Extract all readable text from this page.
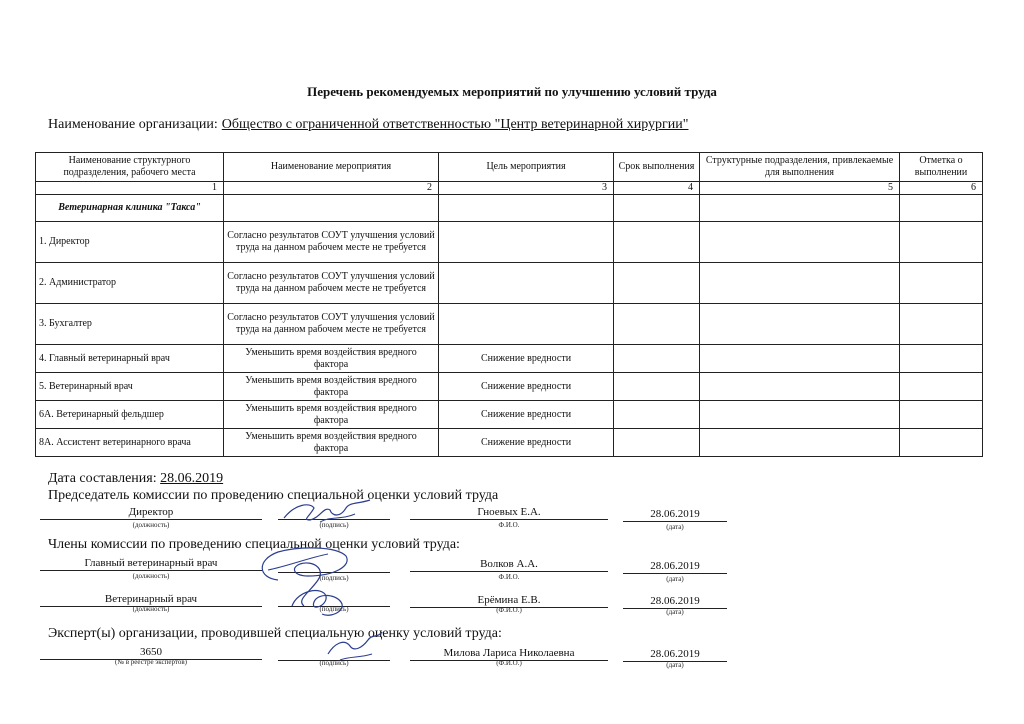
Перечень рекомендуемых мероприятий по улучшению условий труда
Наименование организации: Общество с ограниченной ответственностью "Центр ветеринарной хирургии"
Наименование структурного подразделения, рабочего места	Наименование мероприятия	Цель мероприятия	Срок выполнения	Структурные подразделения, привлекаемые для выполнения	Отметка о выполнении
1	2	3	4	5	6
Ветеринарная клиника "Такса"					
1. Директор	Согласно результатов СОУТ улучшения условий труда на данном рабочем месте не требуется				
2. Администратор	Согласно результатов СОУТ улучшения условий труда на данном рабочем месте не требуется				
3. Бухгалтер	Согласно результатов СОУТ улучшения условий труда на данном рабочем месте не требуется				
4. Главный ветеринарный врач	Уменьшить время воздействия вредного фактора	Снижение вредности			
5. Ветеринарный врач	Уменьшить время воздействия вредного фактора	Снижение вредности			
6А. Ветеринарный фельдшер	Уменьшить время воздействия вредного фактора	Снижение вредности			
8А. Ассистент ветеринарного врача	Уменьшить время воздействия вредного фактора	Снижение вредности			
Дата составления: 28.06.2019
Председатель комиссии по проведению специальной оценки условий труда
Директор
(должность)	(подпись)
Гноевых Е.А.
Ф.И.О.
28.06.2019
(дата)
Члены комиссии по проведению специальной оценки условий труда:
Главный ветеринарный врач
(должность)	(подпись)
Волков А.А.
Ф.И.О.
28.06.2019
(дата)
Ветеринарный врач
(должность)	(подпись)
Ерёмина Е.В.
(Ф.И.О.)
28.06.2019
(дата)
Эксперт(ы) организации, проводившей специальную оценку условий труда:
3650
(№ в реестре экспертов)	(подпись)
Милова Лариса Николаевна
(Ф.И.О.)
28.06.2019
(дата)
